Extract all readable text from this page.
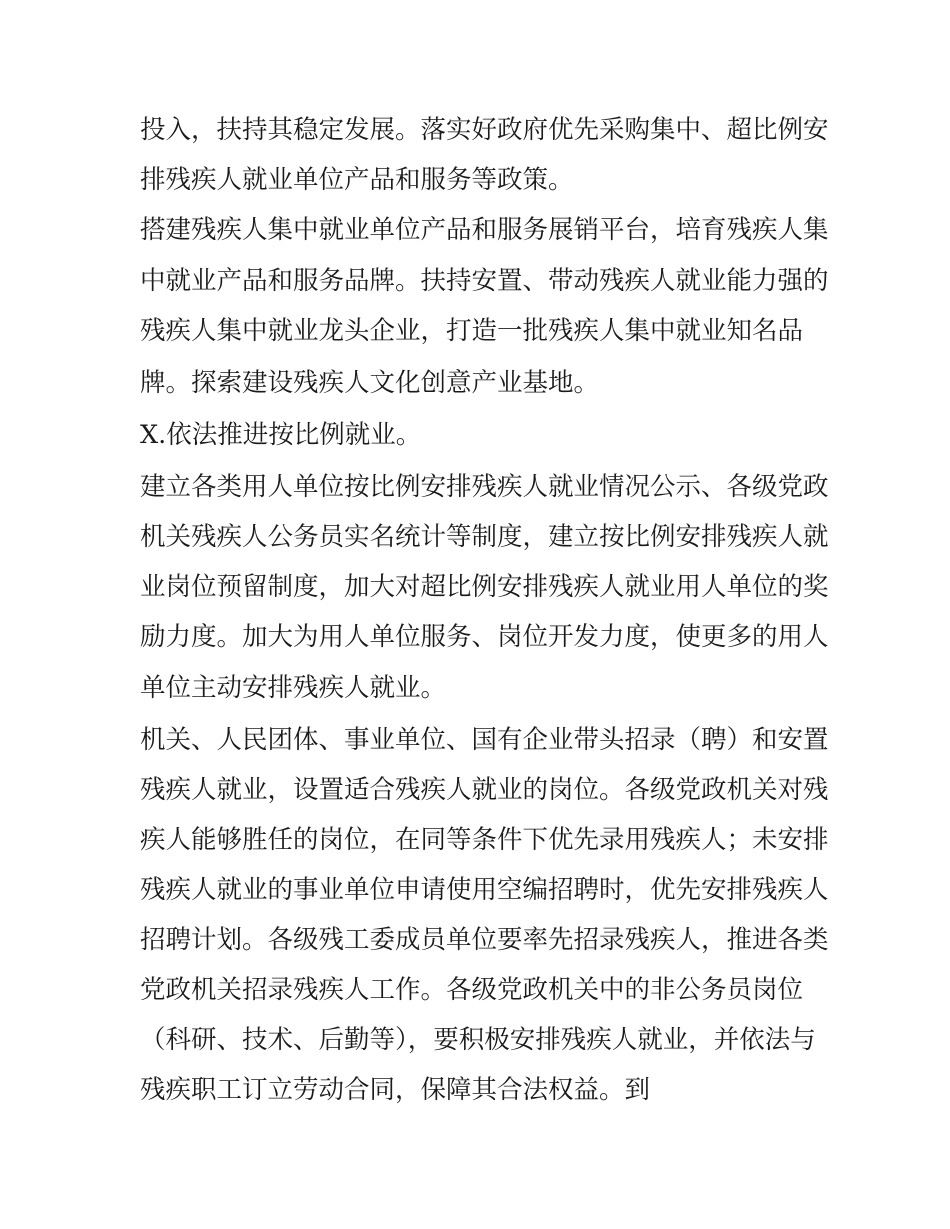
投入，扶持其稳定发展。落实好政府优先采购集中、超比例安
排残疾人就业单位产品和服务等政策。
搭建残疾人集中就业单位产品和服务展销平台，培育残疾人集
中就业产品和服务品牌。扶持安置、带动残疾人就业能力强的
残疾人集中就业龙头企业，打造一批残疾人集中就业知名品
牌。探索建设残疾人文化创意产业基地。
X.依法推进按比例就业。
建立各类用人单位按比例安排残疾人就业情况公示、各级党政
机关残疾人公务员实名统计等制度，建立按比例安排残疾人就
业岗位预留制度，加大对超比例安排残疾人就业用人单位的奖
励力度。加大为用人单位服务、岗位开发力度，使更多的用人
单位主动安排残疾人就业。
机关、人民团体、事业单位、国有企业带头招录（聘）和安置
残疾人就业，设置适合残疾人就业的岗位。各级党政机关对残
疾人能够胜任的岗位，在同等条件下优先录用残疾人；未安排
残疾人就业的事业单位申请使用空编招聘时，优先安排残疾人
招聘计划。各级残工委成员单位要率先招录残疾人，推进各类
党政机关招录残疾人工作。各级党政机关中的非公务员岗位
（科研、技术、后勤等），要积极安排残疾人就业，并依法与
残疾职工订立劳动合同，保障其合法权益。到
